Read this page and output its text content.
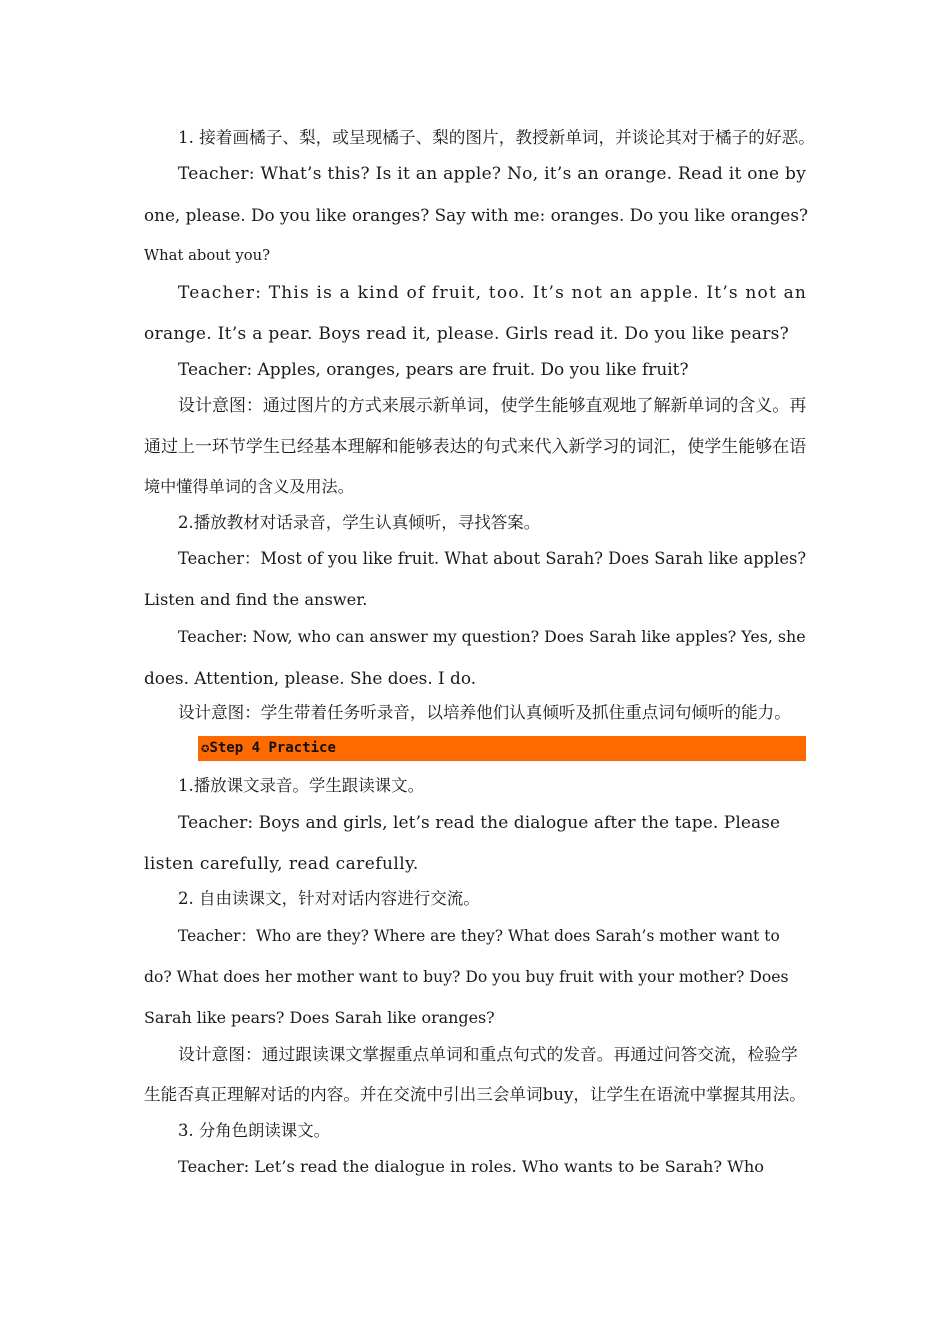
1. 接着画橘子、梨，或呈现橘子、梨的图片，教授新单词，并谈论其对于橘子的好恶。

Teacher: What’s this? Is it an apple? No, it’s an orange. Read it one by

one, please. Do you like oranges? Say with me: oranges. Do you like oranges?

What about you?

Teacher: This is a kind of fruit, too. It’s not an apple. It’s not an

orange. It’s a pear. Boys read it, please. Girls read it. Do you like pears?

Teacher: Apples, oranges, pears are fruit. Do you like fruit?

设计意图：通过图片的方式来展示新单词，使学生能够直观地了解新单词的含义。再

通过上一环节学生已经基本理解和能够表达的句式来代入新学习的词汇，使学生能够在语

境中懂得单词的含义及用法。

2.播放教材对话录音，学生认真倾听，寻找答案。

Teacher：Most of you like fruit. What about Sarah? Does Sarah like apples?

Listen and find the answer.

Teacher: Now, who can answer my question? Does Sarah like apples? Yes, she

does. Attention, please. She does. I do.

设计意图：学生带着任务听录音，以培养他们认真倾听及抓住重点词句倾听的能力。

✪Step 4 Practice

1.播放课文录音。学生跟读课文。

Teacher: Boys and girls, let’s read the dialogue after the tape. Please

listen carefully, read carefully.

2. 自由读课文，针对对话内容进行交流。

Teacher：Who are they? Where are they? What does Sarah’s mother want to

do? What does her mother want to buy? Do you buy fruit with your mother? Does

Sarah like pears? Does Sarah like oranges?

设计意图：通过跟读课文掌握重点单词和重点句式的发音。再通过问答交流，检验学

生能否真正理解对话的内容。并在交流中引出三会单词buy，让学生在语流中掌握其用法。

3. 分角色朗读课文。

Teacher: Let’s read the dialogue in roles. Who wants to be Sarah? Who
